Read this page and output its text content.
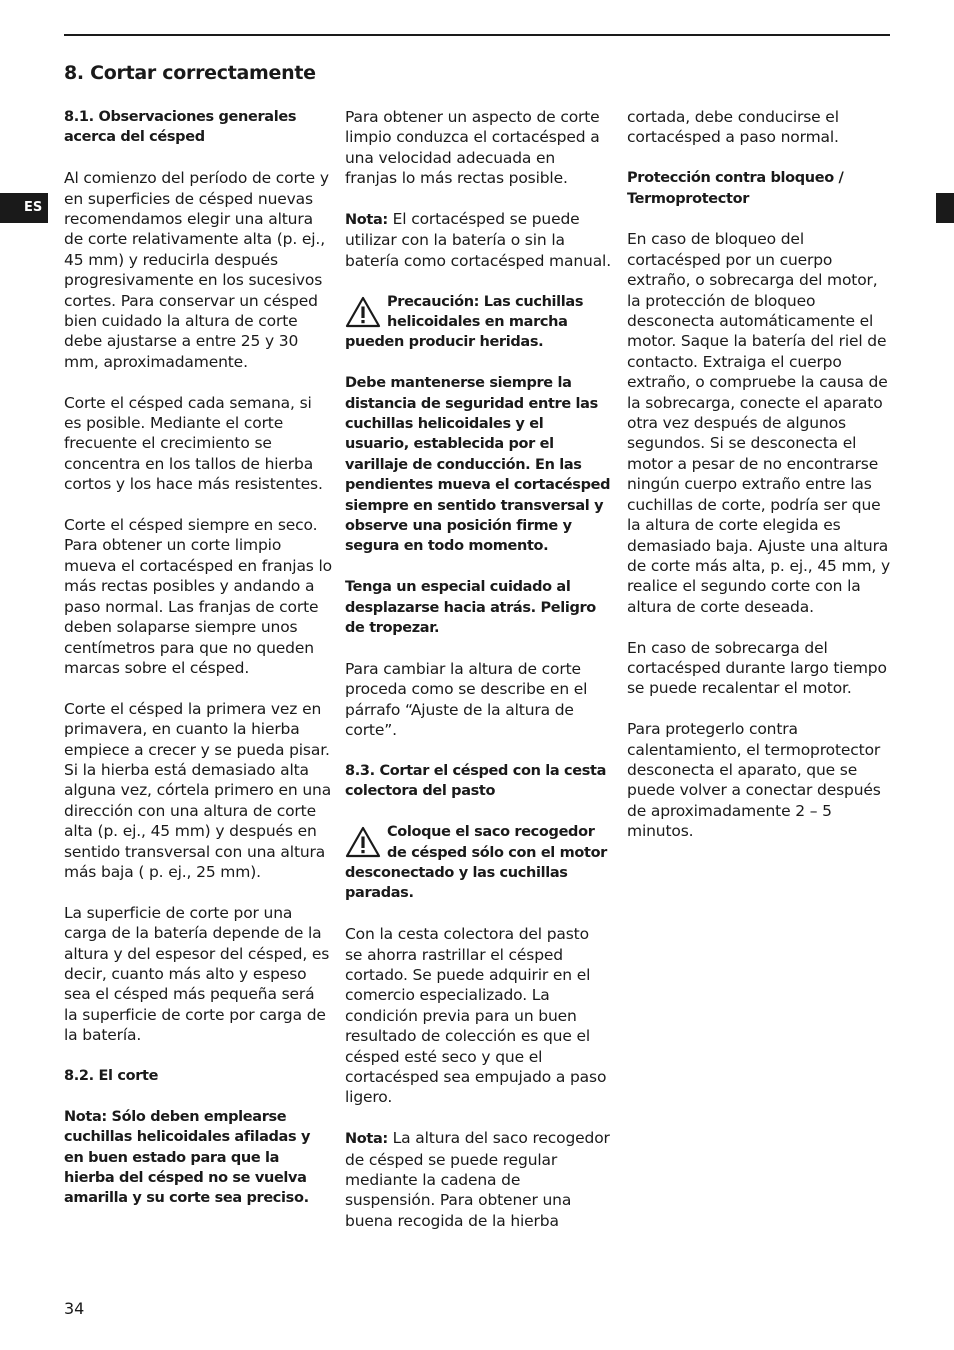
8. Cortar correctamente
ES

8.1. Observaciones generales acerca del césped

Al comienzo del período de corte y en superficies de césped nuevas recomendamos elegir una altura de corte relativamente alta (p. ej., 45 mm) y reducirla después progresivamente en los sucesivos cortes. Para conservar un césped bien cuidado la altura de corte debe ajustarse a entre 25 y 30 mm, aproximadamente.

Corte el césped cada semana, si es posible. Mediante el corte frecuente el crecimiento se concentra en los tallos de hierba cortos y los hace más resistentes.

Corte el césped siempre en seco. Para obtener un corte limpio mueva el cortacésped en franjas lo más rectas posibles y andando a paso normal. Las franjas de corte deben solaparse siempre unos centímetros para que no queden marcas sobre el césped.

Corte el césped la primera vez en primavera, en cuanto la hierba empiece a crecer y se pueda pisar. Si la hierba está demasiado alta alguna vez, córtela primero en una dirección con una altura de corte alta (p. ej., 45 mm) y después en sentido transversal con una altura más baja ( p. ej., 25 mm).

La superficie de corte por una carga de la batería depende de la altura y del espesor del césped, es decir, cuanto más alto y espeso sea el césped más pequeña será la superficie de corte por carga de la batería.

8.2. El corte

Nota: Sólo deben emplearse cuchillas helicoidales afiladas y en buen estado para que la hierba del césped no se vuelva amarilla y su corte sea preciso.

Para obtener un aspecto de corte limpio conduzca el cortacésped a una velocidad adecuada en franjas lo más rectas posible.

Nota: El cortacésped se puede utilizar con la batería o sin la batería como cortacésped manual.

Precaución: Las cuchillas helicoidales en marcha pueden producir heridas.

Debe mantenerse siempre la distancia de seguridad entre las cuchillas helicoidales y el usuario, establecida por el varillaje de conducción. En las pendientes mueva el cortacésped siempre en sentido transversal y observe una posición firme y segura en todo momento.

Tenga un especial cuidado al desplazarse hacia atrás. Peligro de tropezar.

Para cambiar la altura de corte proceda como se describe en el párrafo “Ajuste de la altura de corte”.

8.3. Cortar el césped con la cesta colectora del pasto

Coloque el saco recogedor de césped sólo con el motor desconectado y las cuchillas paradas.

Con la cesta colectora del pasto se ahorra rastrillar el césped cortado. Se puede adquirir en el comercio especializado. La condición previa para un buen resultado de colección es que el césped esté seco y que el cortacésped sea empujado a paso ligero.

Nota: La altura del saco recogedor de césped se puede regular mediante la cadena de suspensión. Para obtener una buena recogida de la hierba

cortada, debe conducirse el cortacésped a paso normal.

Protección contra bloqueo / Termoprotector

En caso de bloqueo del cortacésped por un cuerpo extraño, o sobrecarga del motor, la protección de bloqueo desconecta automáticamente el motor. Saque la batería del riel de contacto. Extraiga el cuerpo extraño, o compruebe la causa de la sobrecarga, conecte el aparato otra vez después de algunos segundos. Si se desconecta el motor a pesar de no encontrarse ningún cuerpo extraño entre las cuchillas de corte, podría ser que la altura de corte elegida es demasiado baja. Ajuste una altura de corte más alta, p. ej., 45 mm, y realice el segundo corte con la altura de corte deseada.

En caso de sobrecarga del cortacésped durante largo tiempo se puede recalentar el motor.

Para protegerlo contra calentamiento, el termoprotector desconecta el aparato, que se puede volver a conectar después de aproximadamente 2 – 5 minutos.

34
